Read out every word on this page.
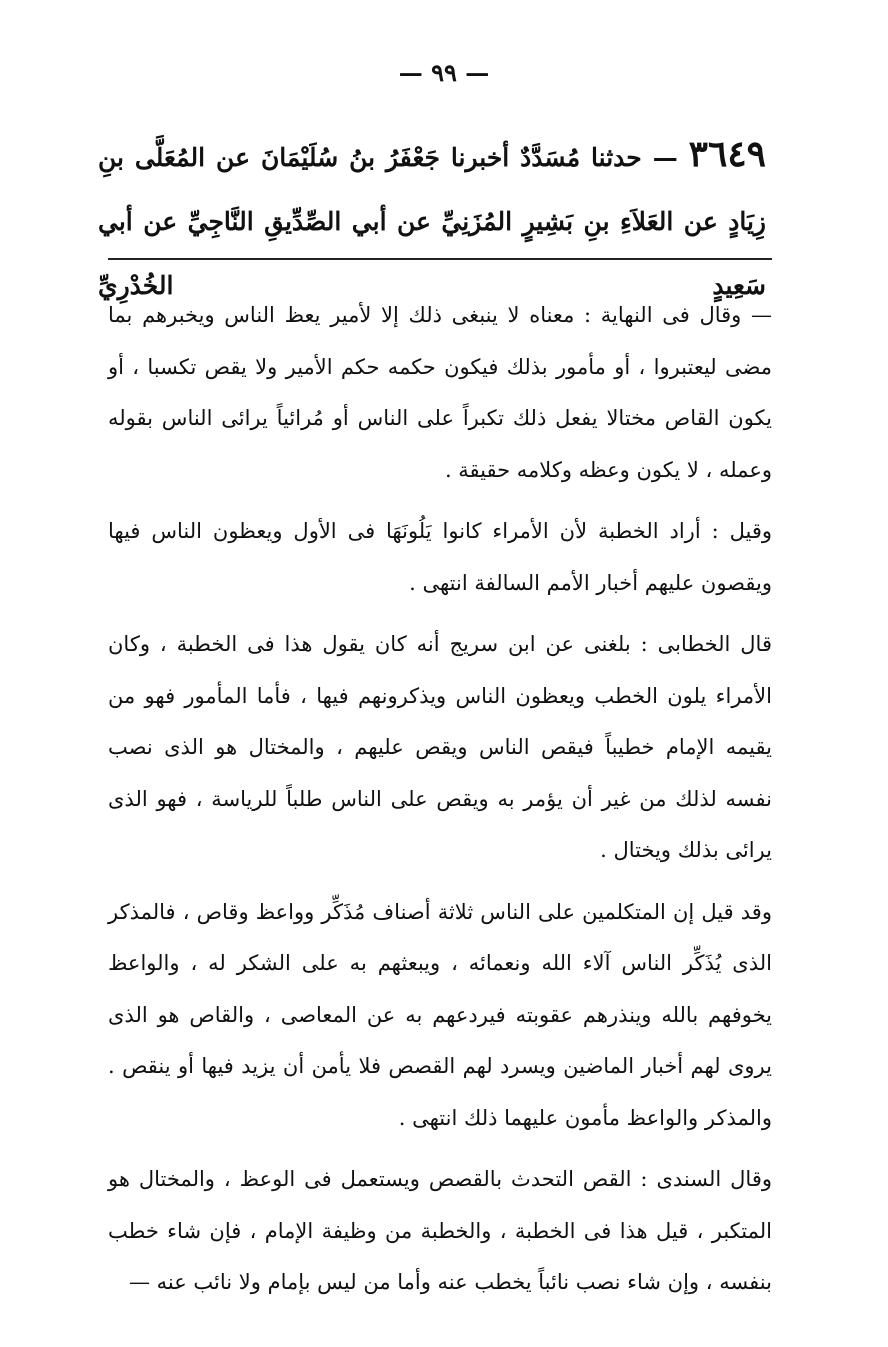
— ٩٩ —
٣٦٤٩ — حدثنا مُسَدَّدٌ أخبرنا جَعْفَرُ بنُ سُلَيْمَانَ عن المُعَلَّى بنِ زِيَادٍ عن العَلاَءِ بنِ بَشِيرٍ المُزَنِيِّ عن أبي الصِّدِّيقِ النَّاجِيِّ عن أبي سَعِيدٍ الخُدْرِيِّ

— وقال فى النهاية : معناه لا ينبغى ذلك إلا لأمير يعظ الناس ويخبرهم بما مضى ليعتبروا ، أو مأمور بذلك فيكون حكمه حكم الأمير ولا يقص تكسبا ، أو يكون القاص مختالا يفعل ذلك تكبراً على الناس أو مُرائياً يرائى الناس بقوله وعمله ، لا يكون وعظه وكلامه حقيقة .

وقيل : أراد الخطبة لأن الأمراء كانوا يَلُونَهَا فى الأول ويعظون الناس فيها ويقصون عليهم أخبار الأمم السالفة انتهى .

قال الخطابى : بلغنى عن ابن سريج أنه كان يقول هذا فى الخطبة ، وكان الأمراء يلون الخطب ويعظون الناس ويذكرونهم فيها ، فأما المأمور فهو من يقيمه الإمام خطيباً فيقص الناس ويقص عليهم ، والمختال هو الذى نصب نفسه لذلك من غير أن يؤمر به ويقص على الناس طلباً للرياسة ، فهو الذى يرائى بذلك ويختال .

وقد قيل إن المتكلمين على الناس ثلاثة أصناف مُذَكِّر وواعظ وقاص ، فالمذكر الذى يُذَكِّر الناس آلاء الله ونعمائه ، ويبعثهم به على الشكر له ، والواعظ يخوفهم بالله وينذرهم عقوبته فيردعهم به عن المعاصى ، والقاص هو الذى يروى لهم أخبار الماضين ويسرد لهم القصص فلا يأمن أن يزيد فيها أو ينقص . والمذكر والواعظ مأمون عليهما ذلك انتهى .

وقال السندى : القص التحدث بالقصص ويستعمل فى الوعظ ، والمختال هو المتكبر ، قيل هذا فى الخطبة ، والخطبة من وظيفة الإمام ، فإن شاء خطب بنفسه ، وإن شاء نصب نائباً يخطب عنه وأما من ليس بإمام ولا نائب عنه —
